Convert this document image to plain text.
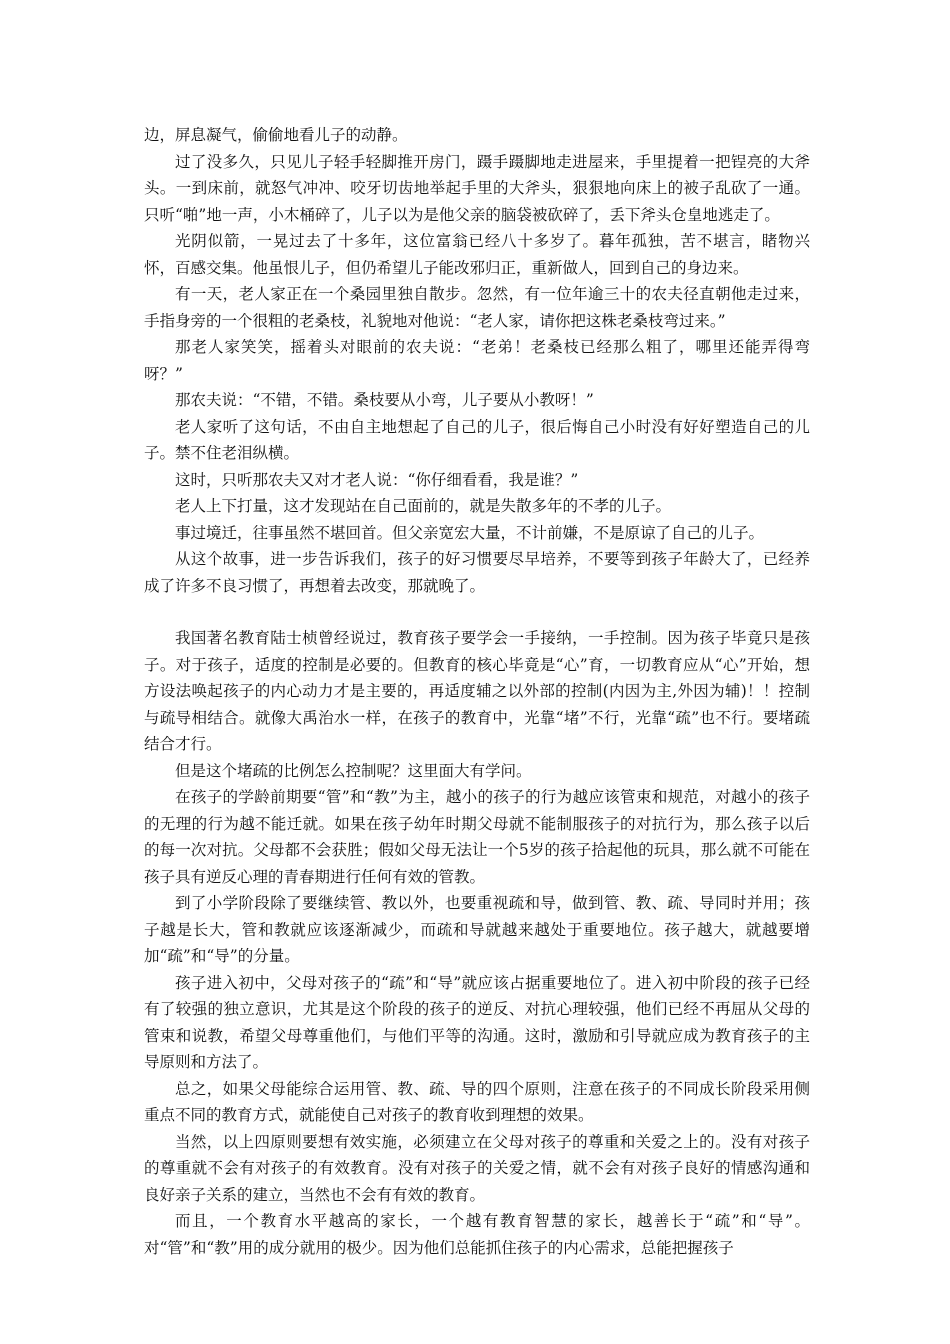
边，屏息凝气，偷偷地看儿子的动静。

过了没多久，只见儿子轻手轻脚推开房门，蹑手蹑脚地走进屋来，手里提着一把锃亮的大斧头。一到床前，就怒气冲冲、咬牙切齿地举起手里的大斧头，狠狠地向床上的被子乱砍了一通。只听“啪”地一声，小木桶碎了，儿子以为是他父亲的脑袋被砍碎了，丢下斧头仓皇地逃走了。

光阴似箭，一晃过去了十多年，这位富翁已经八十多岁了。暮年孤独，苦不堪言，睹物兴怀，百感交集。他虽恨儿子，但仍希望儿子能改邪归正，重新做人，回到自己的身边来。

有一天，老人家正在一个桑园里独自散步。忽然，有一位年逾三十的农夫径直朝他走过来，手指身旁的一个很粗的老桑枝，礼貌地对他说：“老人家，请你把这株老桑枝弯过来。”

那老人家笑笑，摇着头对眼前的农夫说：“老弟！老桑枝已经那么粗了，哪里还能弄得弯呀？”

那农夫说：“不错，不错。桑枝要从小弯，儿子要从小教呀！”

老人家听了这句话，不由自主地想起了自己的儿子，很后悔自己小时没有好好塑造自己的儿子。禁不住老泪纵横。

这时，只听那农夫又对才老人说：“你仔细看看，我是谁？”

老人上下打量，这才发现站在自己面前的，就是失散多年的不孝的儿子。

事过境迁，往事虽然不堪回首。但父亲宽宏大量，不计前嫌，不是原谅了自己的儿子。

从这个故事，进一步告诉我们，孩子的好习惯要尽早培养，不要等到孩子年龄大了，已经养成了许多不良习惯了，再想着去改变，那就晚了。

我国著名教育陆士桢曾经说过，教育孩子要学会一手接纳，一手控制。因为孩子毕竟只是孩子。对于孩子，适度的控制是必要的。但教育的核心毕竟是“心”育，一切教育应从“心”开始，想方设法唤起孩子的内心动力才是主要的，再适度辅之以外部的控制(内因为主,外因为辅)！！控制与疏导相结合。就像大禹治水一样，在孩子的教育中，光靠“堵”不行，光靠“疏”也不行。要堵疏结合才行。

但是这个堵疏的比例怎么控制呢？这里面大有学问。

在孩子的学龄前期要“管”和“教”为主，越小的孩子的行为越应该管束和规范，对越小的孩子的无理的行为越不能迁就。如果在孩子幼年时期父母就不能制服孩子的对抗行为，那么孩子以后的每一次对抗。父母都不会获胜；假如父母无法让一个5岁的孩子拾起他的玩具，那么就不可能在孩子具有逆反心理的青春期进行任何有效的管教。

到了小学阶段除了要继续管、教以外，也要重视疏和导，做到管、教、疏、导同时并用；孩子越是长大，管和教就应该逐渐减少，而疏和导就越来越处于重要地位。孩子越大，就越要增加“疏”和“导”的分量。

孩子进入初中，父母对孩子的“疏”和“导”就应该占据重要地位了。进入初中阶段的孩子已经有了较强的独立意识，尤其是这个阶段的孩子的逆反、对抗心理较强，他们已经不再屈从父母的管束和说教，希望父母尊重他们，与他们平等的沟通。这时，激励和引导就应成为教育孩子的主导原则和方法了。

总之，如果父母能综合运用管、教、疏、导的四个原则，注意在孩子的不同成长阶段采用侧重点不同的教育方式，就能使自己对孩子的教育收到理想的效果。

当然，以上四原则要想有效实施，必须建立在父母对孩子的尊重和关爱之上的。没有对孩子的尊重就不会有对孩子的有效教育。没有对孩子的关爱之情，就不会有对孩子良好的情感沟通和良好亲子关系的建立，当然也不会有有效的教育。

而且，一个教育水平越高的家长，一个越有教育智慧的家长，越善长于“疏”和“导”。对“管”和“教”用的成分就用的极少。因为他们总能抓住孩子的内心需求，总能把握孩子
